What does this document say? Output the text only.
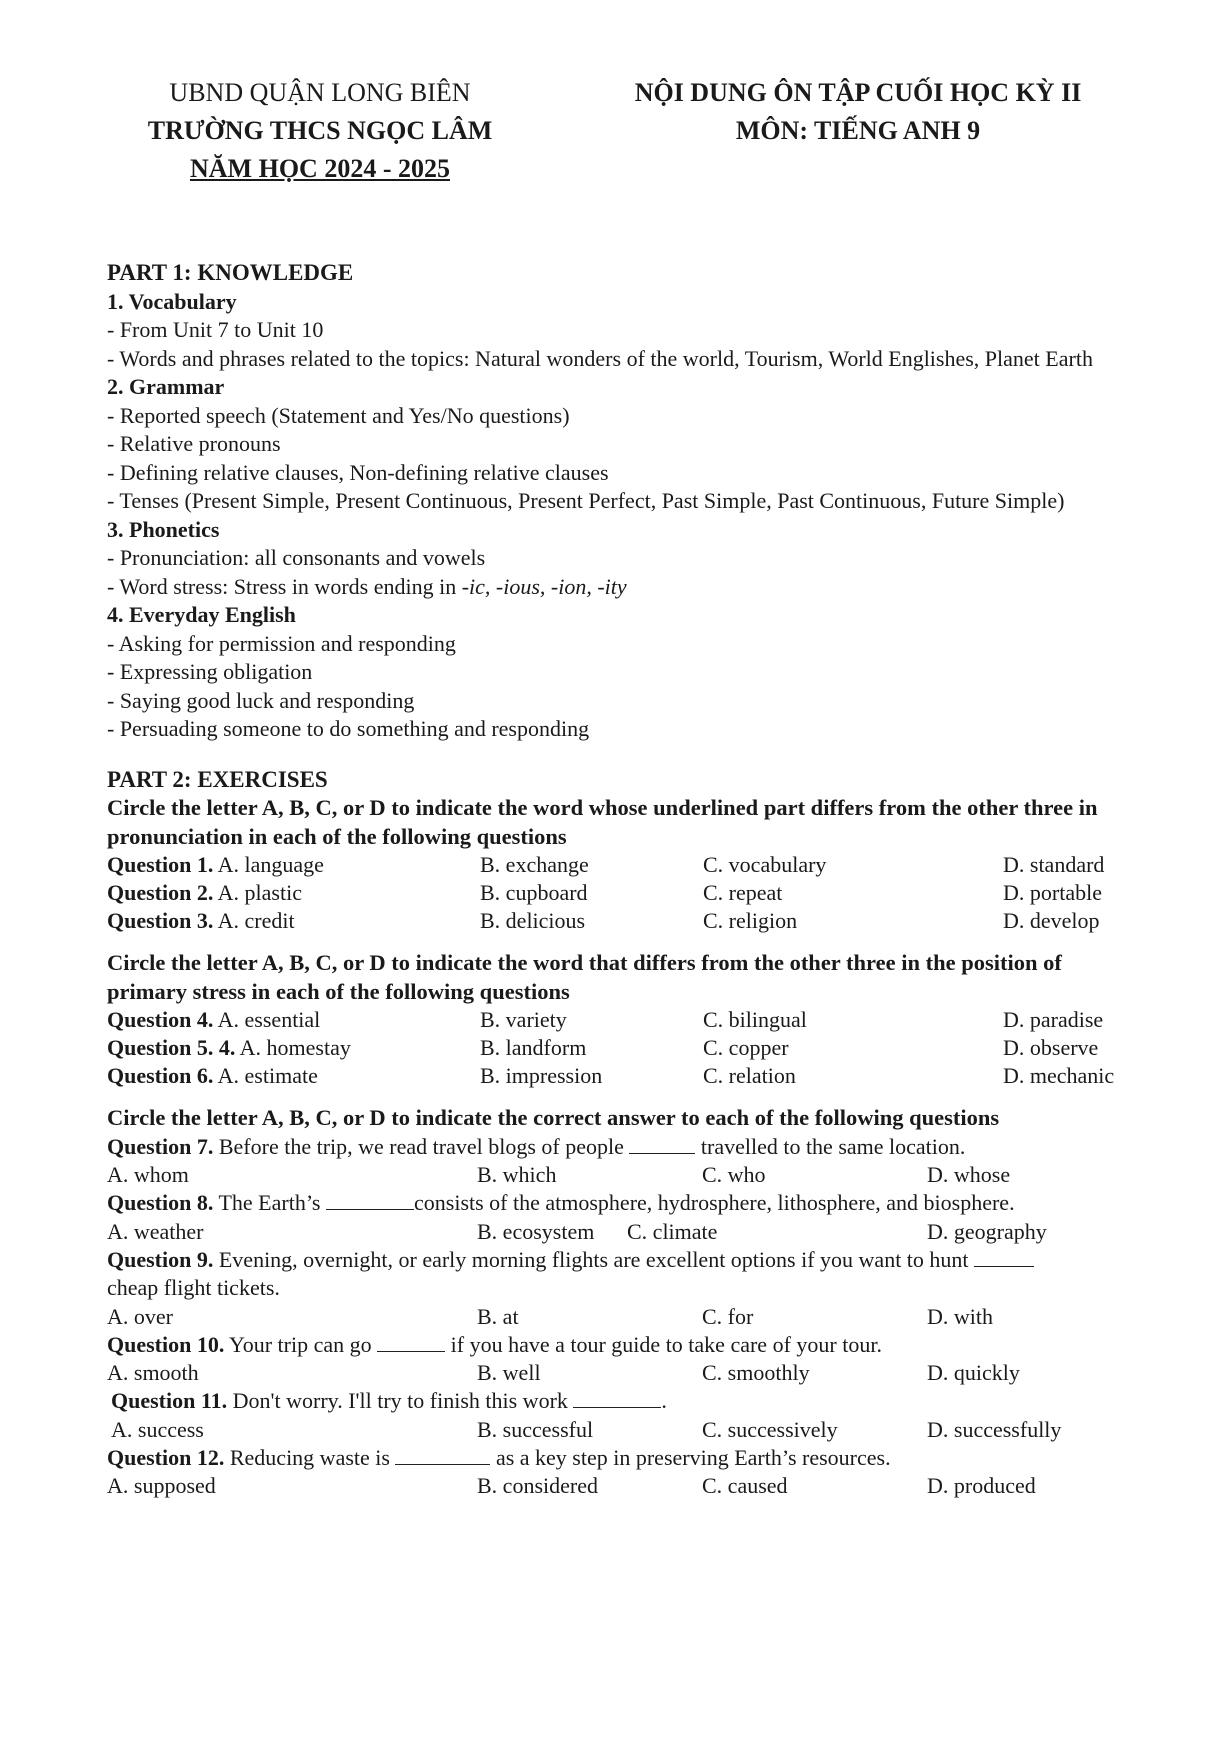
UBND QUẬN LONG BIÊN
TRƯỜNG THCS NGỌC LÂM
NĂM HỌC 2024 - 2025
NỘI DUNG ÔN TẬP CUỐI HỌC KỲ II
MÔN: TIẾNG ANH 9
PART 1: KNOWLEDGE
1. Vocabulary
- From Unit 7 to Unit 10
- Words and phrases related to the topics: Natural wonders of the world, Tourism, World Englishes, Planet Earth
2. Grammar
- Reported speech (Statement and Yes/No questions)
- Relative pronouns
- Defining relative clauses, Non-defining relative clauses
- Tenses (Present Simple, Present Continuous, Present Perfect, Past Simple, Past Continuous, Future Simple)
3. Phonetics
- Pronunciation: all consonants and vowels
- Word stress: Stress in words ending in -ic, -ious, -ion, -ity
4. Everyday English
- Asking for permission and responding
- Expressing obligation
- Saying good luck and responding
- Persuading someone to do something and responding
PART 2: EXERCISES
Circle the letter A, B, C, or D to indicate the word whose underlined part differs from the other three in pronunciation in each of the following questions
Question 1. A. language	B. exchange	C. vocabulary	D. standard
Question 2. A. plastic	B. cupboard	C. repeat	D. portable
Question 3. A. credit	B. delicious	C. religion	D. develop
Circle the letter A, B, C, or D to indicate the word that differs from the other three in the position of primary stress in each of the following questions
Question 4. A. essential	B. variety	C. bilingual	D. paradise
Question 5. 4. A. homestay	B. landform	C. copper	D. observe
Question 6. A. estimate	B. impression	C. relation	D. mechanic
Circle the letter A, B, C, or D to indicate the correct answer to each of the following questions
Question 7. Before the trip, we read travel blogs of people	travelled to the same location.
A. whom	B. which	C. who	D. whose
Question 8. The Earth’s	consists of the atmosphere, hydrosphere, lithosphere, and biosphere.
A. weather	B. ecosystem C. climate	D. geography
Question 9. Evening, overnight, or early morning flights are excellent options if you want to hunt
cheap flight tickets.
A. over	B. at	C. for	D. with
Question 10. Your trip can go	if you have a tour guide to take care of your tour.
A. smooth	B. well	C. smoothly	D. quickly
Question 11. Don't worry. I'll try to finish this work	.
A. success	B. successful	C. successively	D. successfully
Question 12. Reducing waste is	as a key step in preserving Earth’s resources.
A. supposed	B. considered	C. caused	D. produced
